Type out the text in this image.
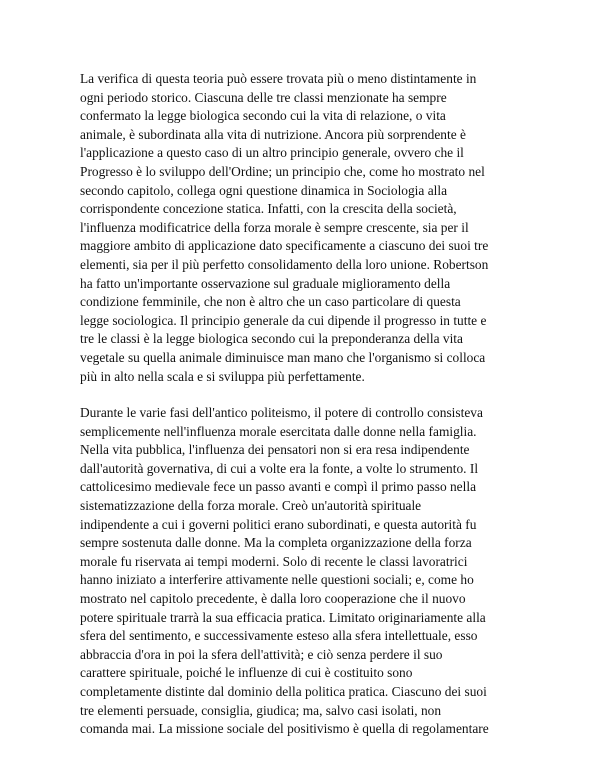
La verifica di questa teoria può essere trovata più o meno distintamente in
ogni periodo storico. Ciascuna delle tre classi menzionate ha sempre
confermato la legge biologica secondo cui la vita di relazione, o vita
animale, è subordinata alla vita di nutrizione. Ancora più sorprendente è
l'applicazione a questo caso di un altro principio generale, ovvero che il
Progresso è lo sviluppo dell'Ordine; un principio che, come ho mostrato nel
secondo capitolo, collega ogni questione dinamica in Sociologia alla
corrispondente concezione statica. Infatti, con la crescita della società,
l'influenza modificatrice della forza morale è sempre crescente, sia per il
maggiore ambito di applicazione dato specificamente a ciascuno dei suoi tre
elementi, sia per il più perfetto consolidamento della loro unione. Robertson
ha fatto un'importante osservazione sul graduale miglioramento della
condizione femminile, che non è altro che un caso particolare di questa
legge sociologica. Il principio generale da cui dipende il progresso in tutte e
tre le classi è la legge biologica secondo cui la preponderanza della vita
vegetale su quella animale diminuisce man mano che l'organismo si colloca
più in alto nella scala e si sviluppa più perfettamente.
Durante le varie fasi dell'antico politeismo, il potere di controllo consisteva
semplicemente nell'influenza morale esercitata dalle donne nella famiglia.
Nella vita pubblica, l'influenza dei pensatori non si era resa indipendente
dall'autorità governativa, di cui a volte era la fonte, a volte lo strumento. Il
cattolicesimo medievale fece un passo avanti e compì il primo passo nella
sistematizzazione della forza morale. Creò un'autorità spirituale
indipendente a cui i governi politici erano subordinati, e questa autorità fu
sempre sostenuta dalle donne. Ma la completa organizzazione della forza
morale fu riservata ai tempi moderni. Solo di recente le classi lavoratrici
hanno iniziato a interferire attivamente nelle questioni sociali; e, come ho
mostrato nel capitolo precedente, è dalla loro cooperazione che il nuovo
potere spirituale trarrà la sua efficacia pratica. Limitato originariamente alla
sfera del sentimento, e successivamente esteso alla sfera intellettuale, esso
abbraccia d'ora in poi la sfera dell'attività; e ciò senza perdere il suo
carattere spirituale, poiché le influenze di cui è costituito sono
completamente distinte dal dominio della politica pratica. Ciascuno dei suoi
tre elementi persuade, consiglia, giudica; ma, salvo casi isolati, non
comanda mai. La missione sociale del positivismo è quella di regolamentare
